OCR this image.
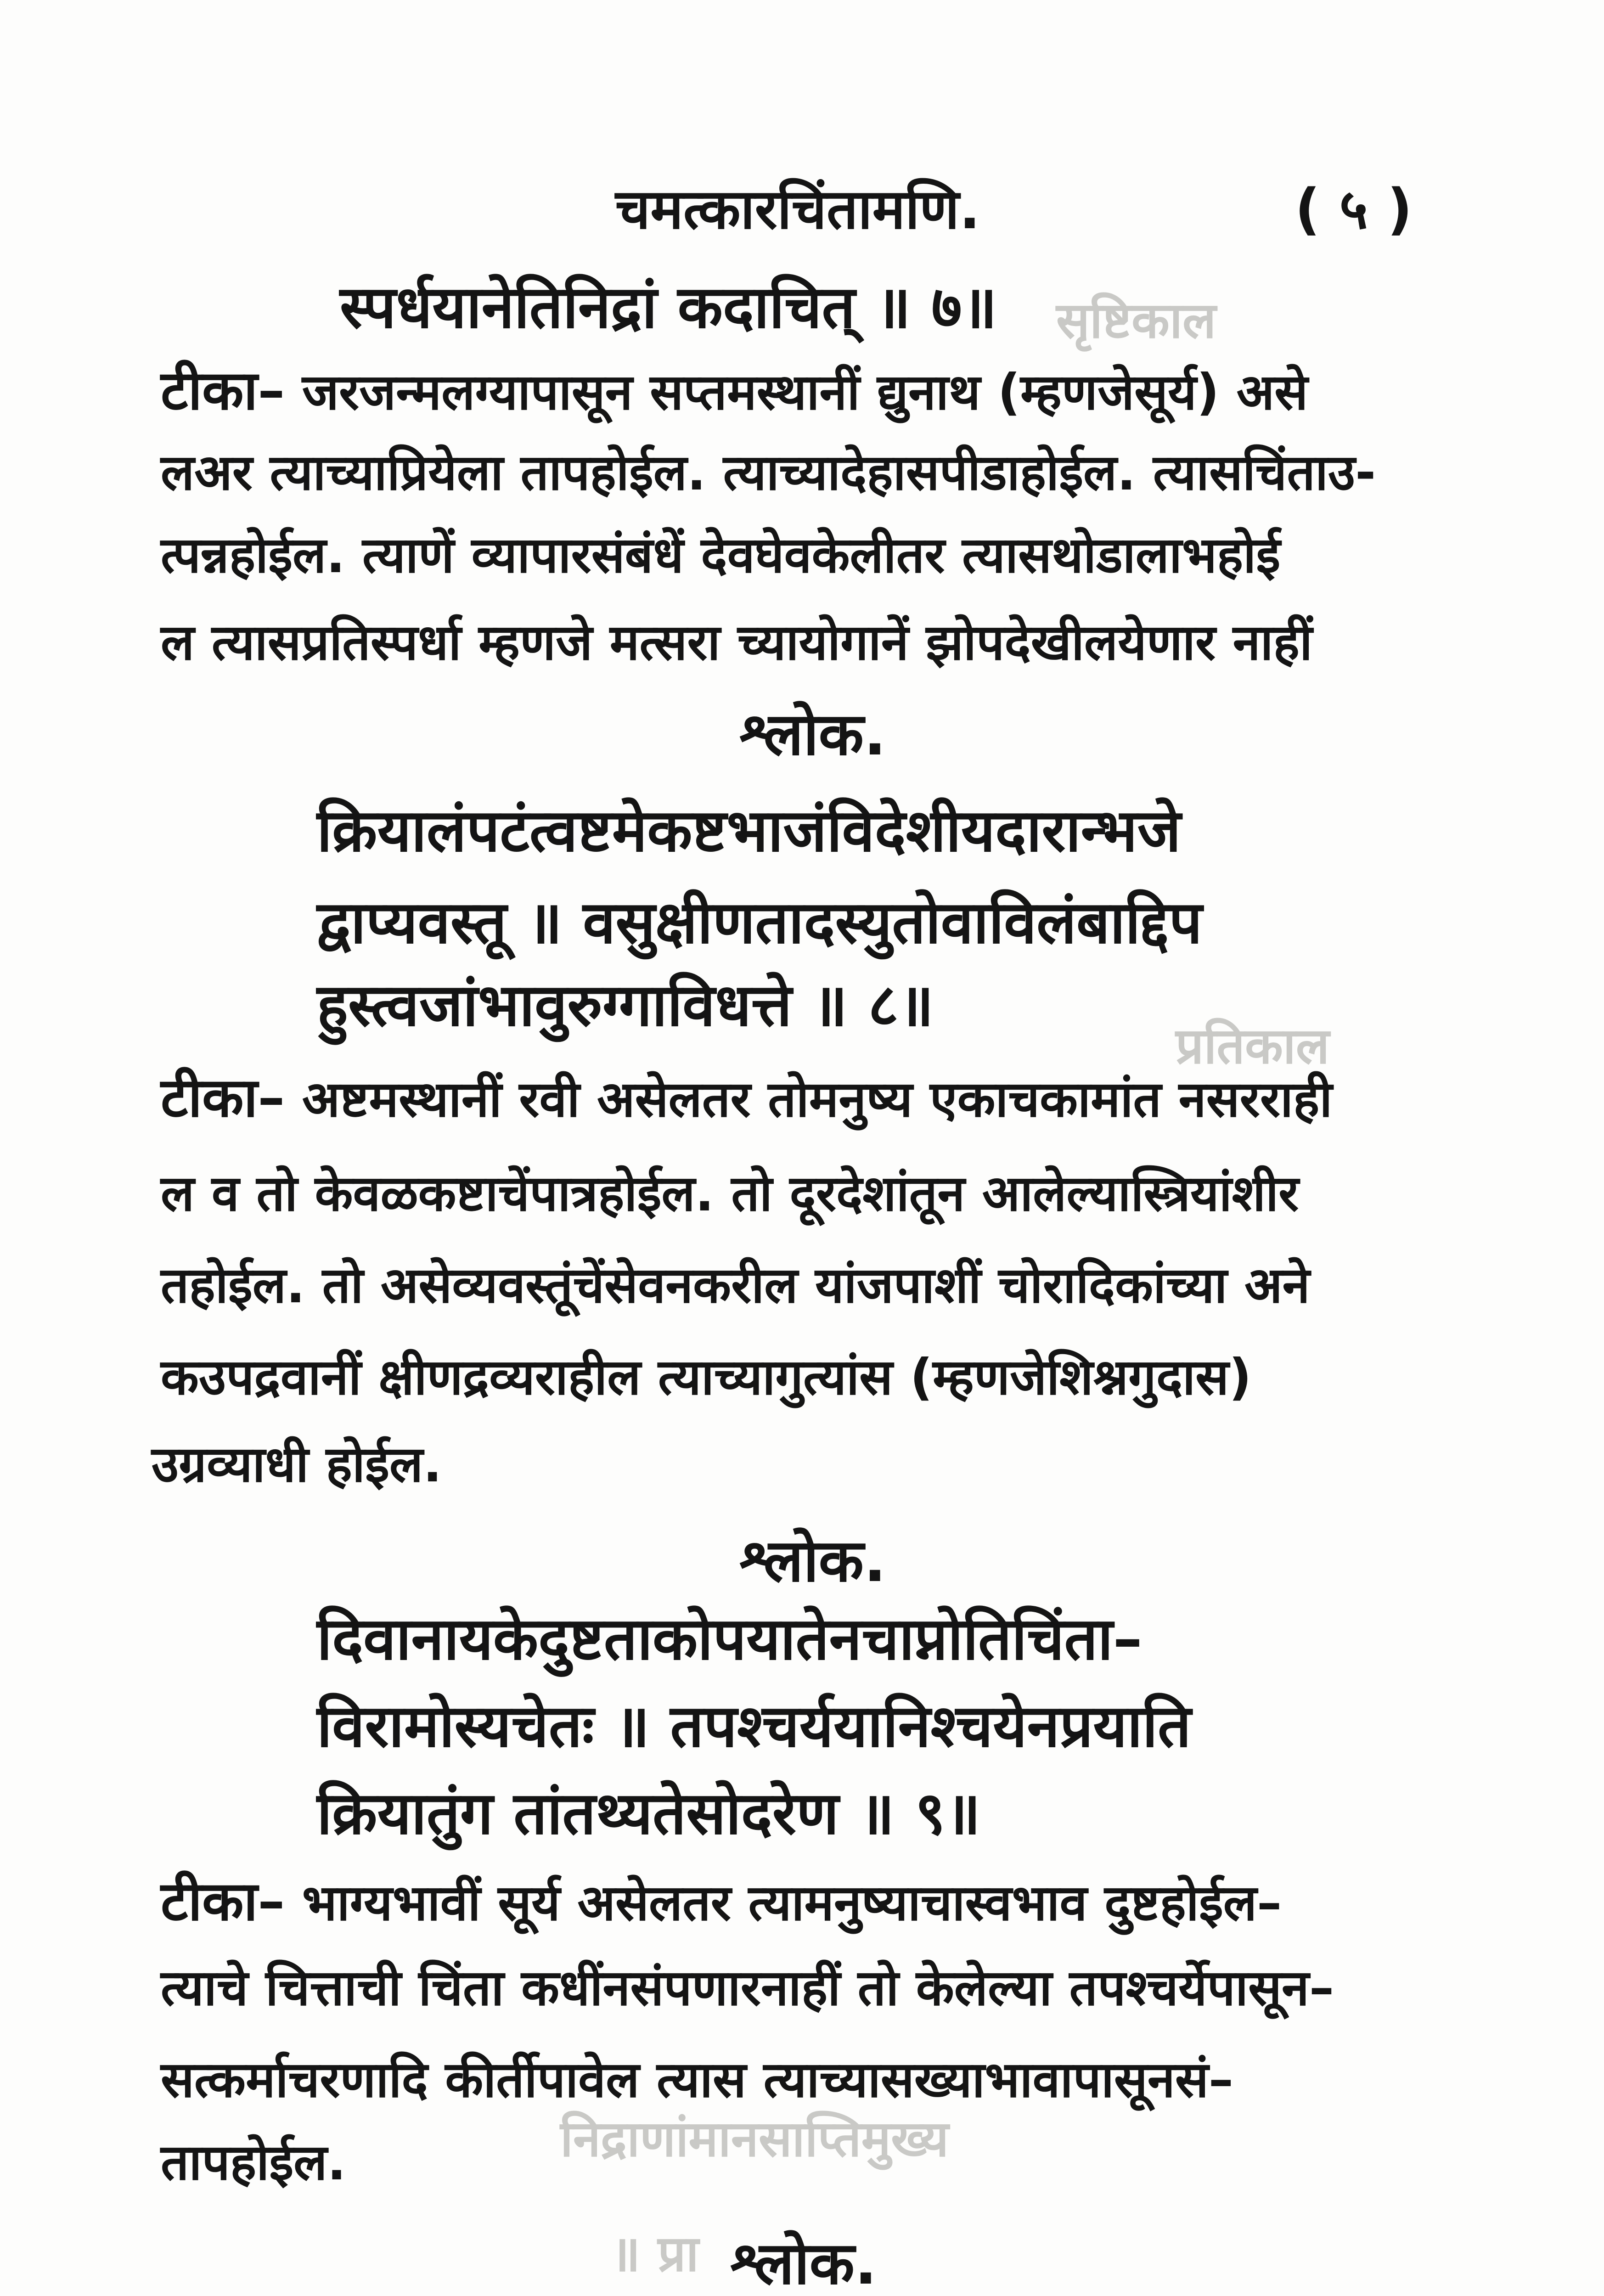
सृष्टिकाल
प्रतिकाल
निद्राणांमानसाप्तिमुख्य
॥ प्रा
चमत्कारचिंतामणि.	( ५ )
स्पर्धयानेतिनिद्रां कदाचित् ॥ ७॥
टीका– जरजन्मलग्यापासून सप्तमस्थानीं द्युनाथ (म्हणजेसूर्य) असे
लअर त्याच्याप्रियेला तापहोईल. त्याच्यादेहासपीडाहोईल. त्यासचिंताउ-
त्पन्नहोईल. त्याणें व्यापारसंबंधें देवघेवकेलीतर त्यासथोडालाभहोई
ल त्यासप्रतिस्पर्धा म्हणजे मत्सरा च्यायोगानें झोपदेखीलयेणार नाहीं
श्लोक.
क्रियालंपटंत्वष्टमेकष्टभाजंविदेशीयदारान्भजे
द्वाप्यवस्तू ॥ वसुक्षीणतादस्युतोवाविलंबाद्दिप
हुस्त्वजांभावुरुग्गाविधत्ते ॥ ८॥
टीका– अष्टमस्थानीं रवी असेलतर तोमनुष्य एकाचकामांत नसरराही
ल व तो केवळकष्टाचेंपात्रहोईल. तो दूरदेशांतून आलेल्यास्त्रियांशीर
तहोईल. तो असेव्यवस्तूंचेंसेवनकरील यांजपाशीं चोरादिकांच्या अने
कउपद्रवानीं क्षीणद्रव्यराहील त्याच्यागुत्यांस (म्हणजेशिश्नगुदास)
उग्रव्याधी होईल.
श्लोक.
दिवानायकेदुष्टताकोपयातेनचाप्नोतिचिंता–
विरामोस्यचेतः ॥ तपश्चर्ययानिश्चयेनप्रयाति
क्रियातुंग तांतथ्यतेसोदरेण ॥ ९॥
टीका– भाग्यभावीं सूर्य असेलतर त्यामनुष्याचास्वभाव दुष्टहोईल–
त्याचे चित्ताची चिंता कधींनसंपणारनाहीं तो केलेल्या तपश्चर्येपासून–
सत्कर्माचरणादि कीर्तीपावेल त्यास त्याच्यासख्याभावापासूनसं–
तापहोईल.
श्लोक.
